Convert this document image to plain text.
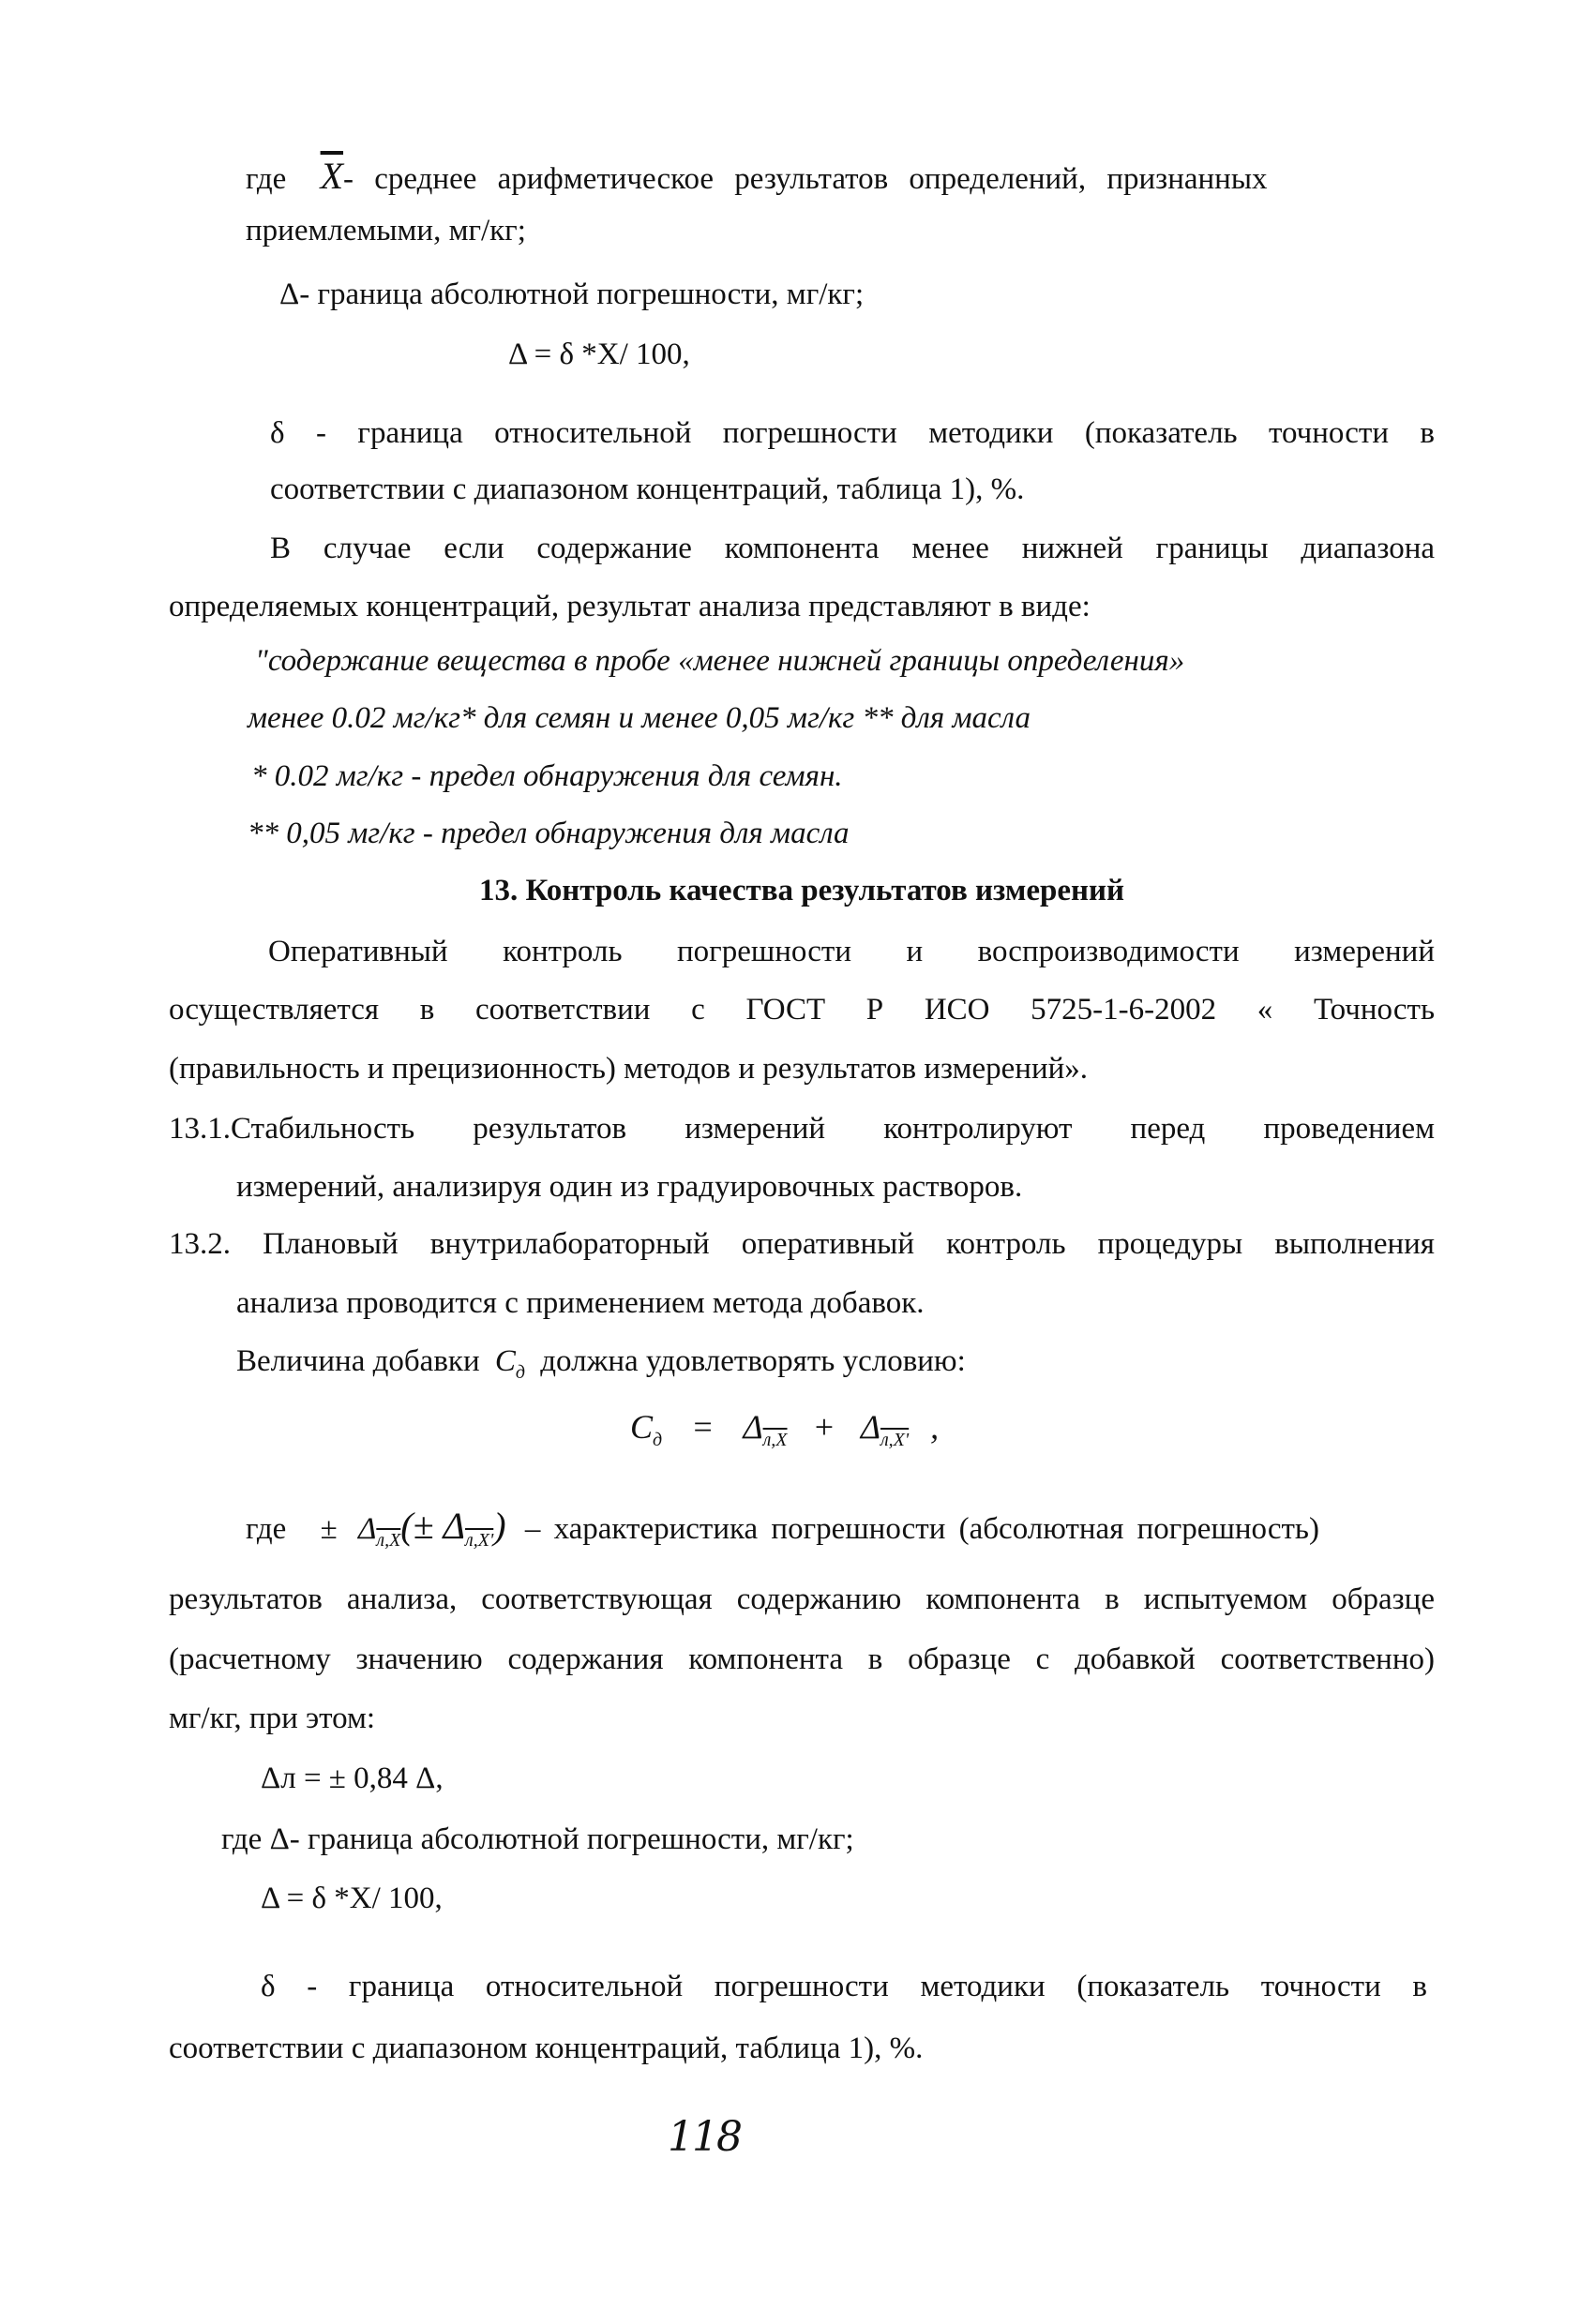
где $\overline{X}-$ среднее арифметическое результатов определений, признанных
приемлемыми, мг/кг;
Δ- граница абсолютной погрешности, мг/кг;
Δ = δ *X/ 100,
δ - граница относительной погрешности методики (показатель точности в
соответствии с диапазоном концентраций, таблица 1), %.
В случае если содержание компонента менее нижней границы диапазона
определяемых концентраций, результат анализа представляют в виде:
"содержание вещества в пробе «менее нижней границы определения»
менее 0.02 мг/кг* для семян и менее 0,05 мг/кг ** для масла
* 0.02 мг/кг - предел обнаружения для семян.
** 0,05 мг/кг - предел обнаружения для масла
13. Контроль качества результатов измерений
Оперативный контроль погрешности и воспроизводимости измерений
осуществляется в соответствии с ГОСТ Р ИСО 5725-1-6-2002 « Точность
(правильность и прецизионность) методов и результатов измерений».
13.1.Стабильность результатов измерений контролируют перед проведением
измерений, анализируя один из градуировочных растворов.
13.2. Плановый внутрилабораторный оперативный контроль процедуры выполнения
анализа проводится с применением метода добавок.
Величина добавки $C_д$ должна удовлетворять условию:
$C_д = \Delta_{л,X} + \Delta_{л,X'}$ ,
где ± $\Delta_{л,X}(\pm \Delta_{л,X'})$ – характеристика погрешности (абсолютная погрешность)
результатов анализа, соответствующая содержанию компонента в испытуемом образце
(расчетному значению содержания компонента в образце с добавкой соответственно)
мг/кг, при этом:
Δл = ± 0,84 Δ,
где Δ- граница абсолютной погрешности, мг/кг;
Δ = δ *X/ 100,
δ - граница относительной погрешности методики (показатель точности в
соответствии с диапазоном концентраций, таблица 1), %.
118
